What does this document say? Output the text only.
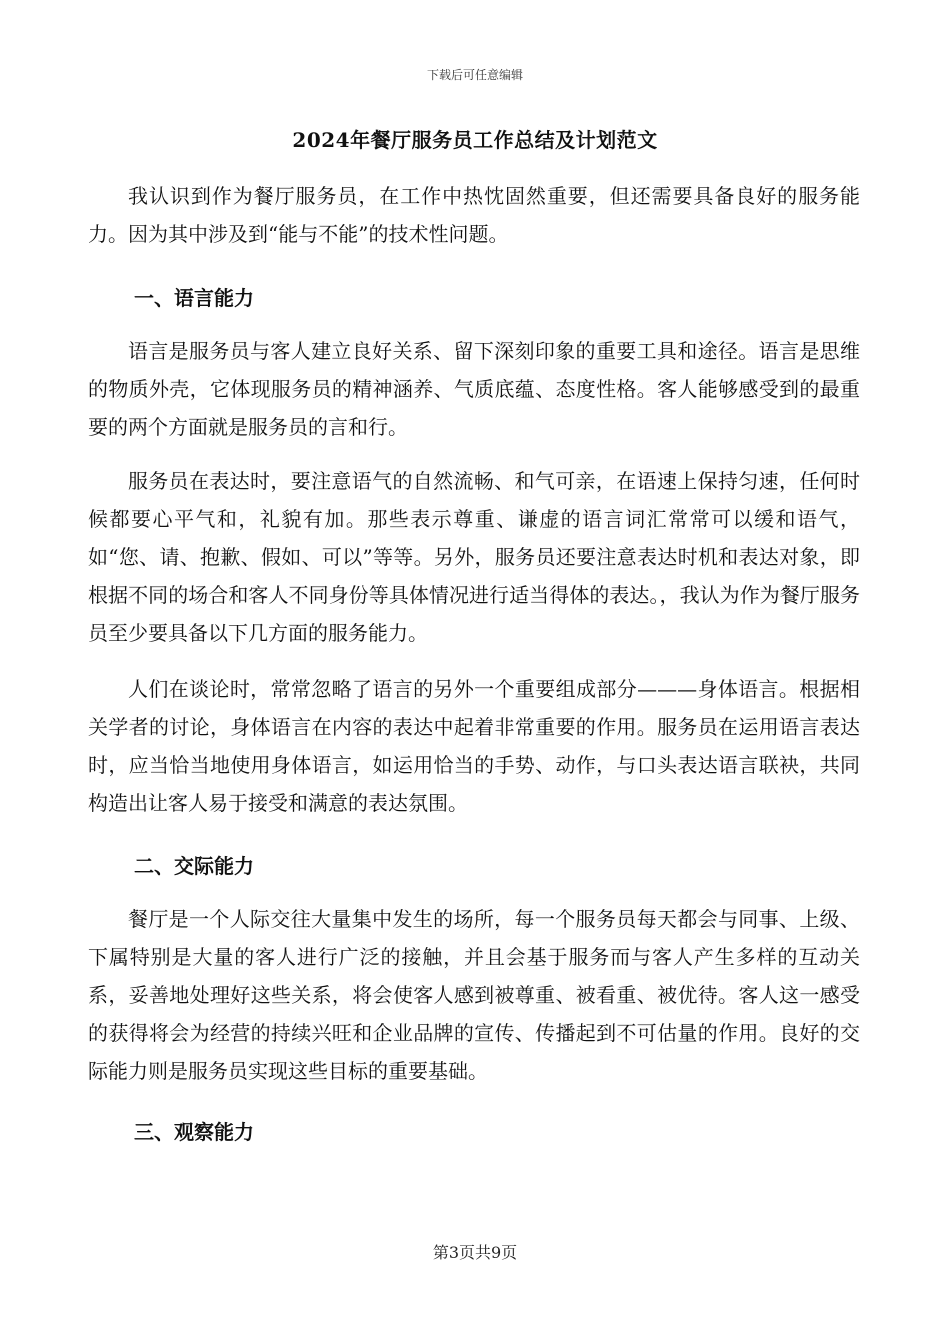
下载后可任意编辑
2024年餐厅服务员工作总结及计划范文

我认识到作为餐厅服务员，在工作中热忱固然重要，但还需要具备良好的服务能力。因为其中涉及到“能与不能”的技术性问题。

一、语言能力

语言是服务员与客人建立良好关系、留下深刻印象的重要工具和途径。语言是思维的物质外壳，它体现服务员的精神涵养、气质底蕴、态度性格。客人能够感受到的最重要的两个方面就是服务员的言和行。

服务员在表达时，要注意语气的自然流畅、和气可亲，在语速上保持匀速，任何时候都要心平气和，礼貌有加。那些表示尊重、谦虚的语言词汇常常可以缓和语气，如“您、请、抱歉、假如、可以”等等。另外，服务员还要注意表达时机和表达对象，即根据不同的场合和客人不同身份等具体情况进行适当得体的表达。，我认为作为餐厅服务员至少要具备以下几方面的服务能力。

人们在谈论时，常常忽略了语言的另外一个重要组成部分———身体语言。根据相关学者的讨论，身体语言在内容的表达中起着非常重要的作用。服务员在运用语言表达时，应当恰当地使用身体语言，如运用恰当的手势、动作，与口头表达语言联袂，共同构造出让客人易于接受和满意的表达氛围。

二、交际能力

餐厅是一个人际交往大量集中发生的场所，每一个服务员每天都会与同事、上级、下属特别是大量的客人进行广泛的接触，并且会基于服务而与客人产生多样的互动关系，妥善地处理好这些关系，将会使客人感到被尊重、被看重、被优待。客人这一感受的获得将会为经营的持续兴旺和企业品牌的宣传、传播起到不可估量的作用。良好的交际能力则是服务员实现这些目标的重要基础。

三、观察能力
第3页共9页
